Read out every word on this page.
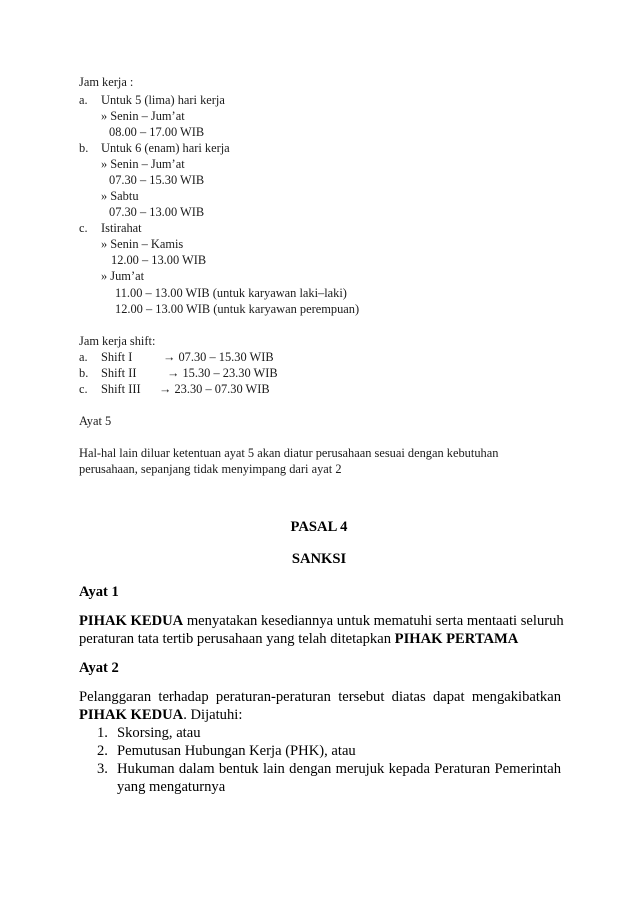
Jam kerja :
a. Untuk 5 (lima) hari kerja
» Senin – Jum’at
08.00 – 17.00 WIB
b. Untuk 6 (enam) hari kerja
» Senin – Jum’at
07.30 – 15.30 WIB
» Sabtu
07.30 – 13.00 WIB
c. Istirahat
» Senin – Kamis
12.00 – 13.00 WIB
» Jum’at
11.00 – 13.00 WIB (untuk karyawan laki–laki)
12.00 – 13.00 WIB (untuk karyawan perempuan)
Jam kerja shift:
a. Shift I → 07.30 – 15.30 WIB
b. Shift II → 15.30 – 23.30 WIB
c. Shift III → 23.30 – 07.30 WIB
Ayat 5
Hal-hal lain diluar ketentuan ayat 5 akan diatur perusahaan sesuai dengan kebutuhan
perusahaan, sepanjang tidak menyimpang dari ayat 2
PASAL 4
SANKSI
Ayat 1
PIHAK KEDUA menyatakan kesediannya untuk mematuhi serta mentaati seluruh
peraturan tata tertib perusahaan yang telah ditetapkan PIHAK PERTAMA
Ayat 2
Pelanggaran terhadap peraturan-peraturan tersebut diatas dapat mengakibatkan
PIHAK KEDUA. Dijatuhi:
1. Skorsing, atau
2. Pemutusan Hubungan Kerja (PHK), atau
3. Hukuman dalam bentuk lain dengan merujuk kepada Peraturan Pemerintah
yang mengaturnya
